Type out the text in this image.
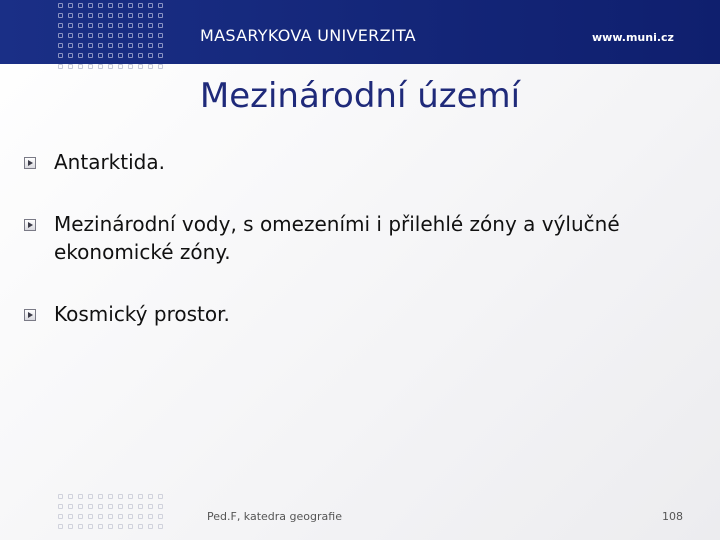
MASARYKOVA UNIVERZITA	www.muni.cz
Mezinárodní území
Antarktida.
Mezinárodní vody, s omezeními i přilehlé zóny a výlučné ekonomické zóny.
Kosmický prostor.
Ped.F, katedra geografie	108
